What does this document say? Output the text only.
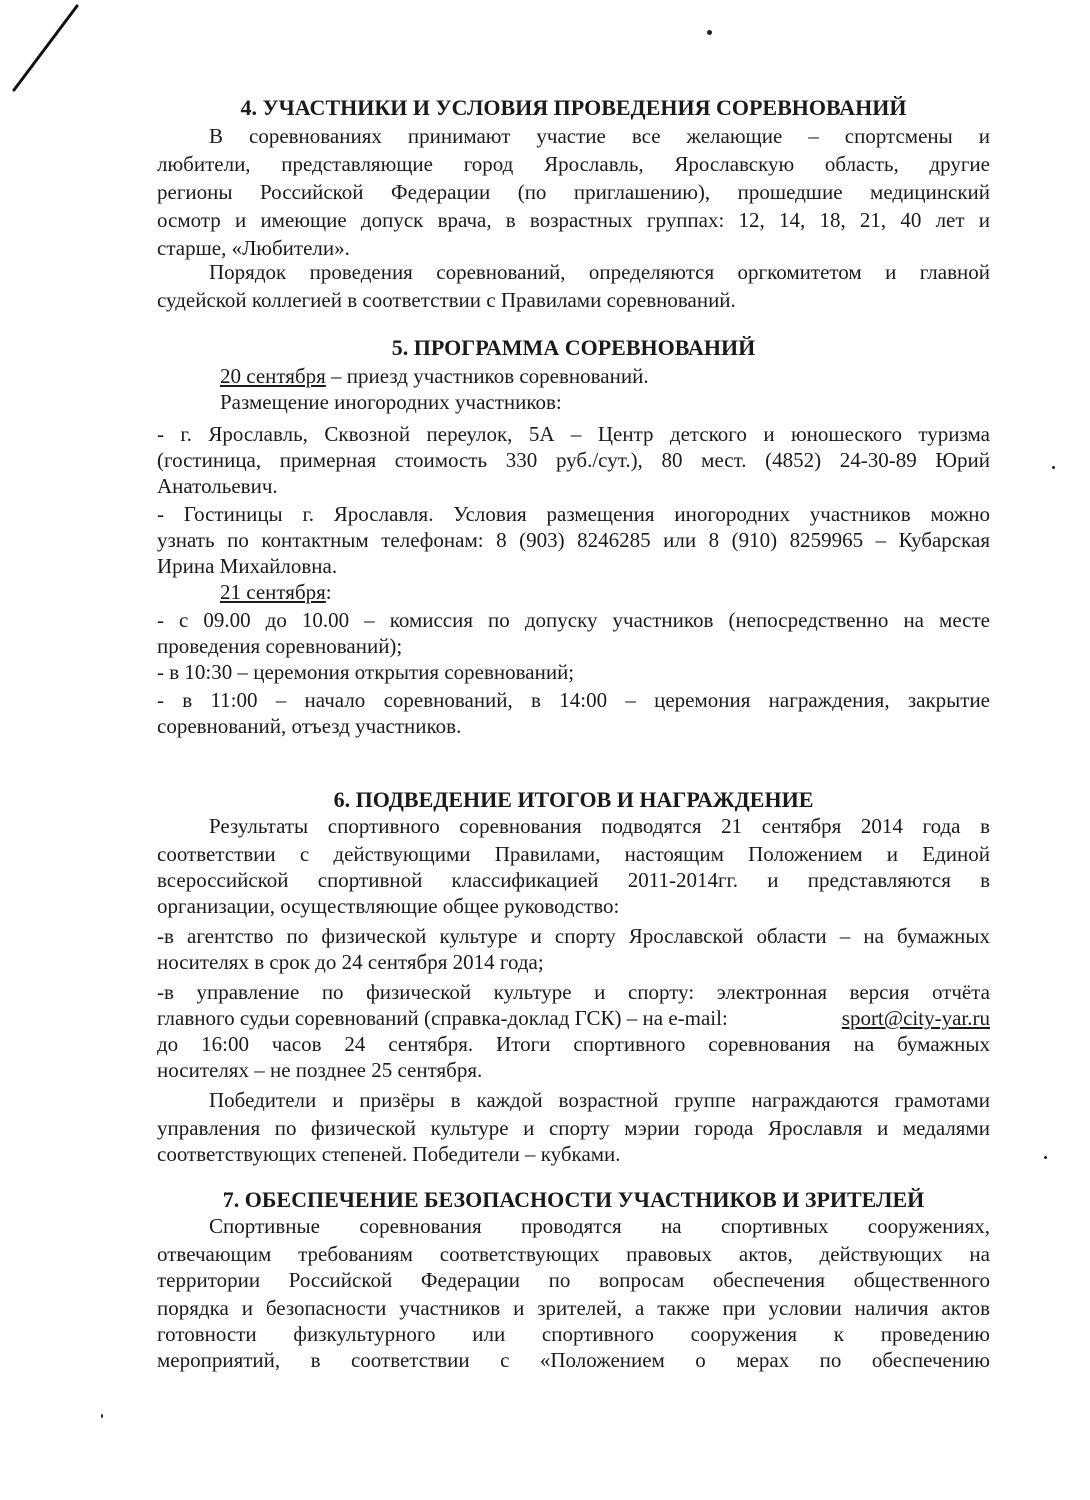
4. УЧАСТНИКИ И УСЛОВИЯ ПРОВЕДЕНИЯ СОРЕВНОВАНИЙ
В соревнованиях принимают участие все желающие – спортсмены и
любители, представляющие город Ярославль, Ярославскую область, другие
регионы Российской Федерации (по приглашению), прошедшие медицинский
осмотр и имеющие допуск врача, в возрастных группах: 12, 14, 18, 21, 40 лет и
старше, «Любители».
Порядок проведения соревнований, определяются оргкомитетом и главной
судейской коллегией в соответствии с Правилами соревнований.
5. ПРОГРАММА СОРЕВНОВАНИЙ
20 сентября – приезд участников соревнований.
Размещение иногородних участников:
- г. Ярославль, Сквозной переулок, 5А – Центр детского и юношеского туризма
(гостиница, примерная стоимость 330 руб./сут.), 80 мест. (4852) 24-30-89 Юрий
Анатольевич.
- Гостиницы г. Ярославля. Условия размещения иногородних участников можно
узнать по контактным телефонам: 8 (903) 8246285 или 8 (910) 8259965 – Кубарская
Ирина Михайловна.
21 сентября:
- с 09.00 до 10.00 – комиссия по допуску участников (непосредственно на месте
проведения соревнований);
- в 10:30 – церемония открытия соревнований;
- в 11:00 – начало соревнований, в 14:00 – церемония награждения, закрытие
соревнований, отъезд участников.
6. ПОДВЕДЕНИЕ ИТОГОВ И НАГРАЖДЕНИЕ
Результаты спортивного соревнования подводятся 21 сентября 2014 года в
соответствии с действующими Правилами, настоящим Положением и Единой
всероссийской спортивной классификацией 2011-2014гг. и представляются в
организации, осуществляющие общее руководство:
-в агентство по физической культуре и спорту Ярославской области – на бумажных
носителях в срок до 24 сентября 2014 года;
-в управление по физической культуре и спорту: электронная версия отчёта
главного судьи соревнований (справка-доклад ГСК) – на e-mail:	sport@city-yar.ru
до 16:00 часов 24 сентября. Итоги спортивного соревнования на бумажных
носителях – не позднее 25 сентября.
Победители и призёры в каждой возрастной группе награждаются грамотами
управления по физической культуре и спорту мэрии города Ярославля и медалями
соответствующих степеней. Победители – кубками.
7. ОБЕСПЕЧЕНИЕ БЕЗОПАСНОСТИ УЧАСТНИКОВ И ЗРИТЕЛЕЙ
Спортивные соревнования проводятся на спортивных сооружениях,
отвечающим требованиям соответствующих правовых актов, действующих на
территории Российской Федерации по вопросам обеспечения общественного
порядка и безопасности участников и зрителей, а также при условии наличия актов
готовности физкультурного или спортивного сооружения к проведению
мероприятий, в соответствии с «Положением о мерах по обеспечению
